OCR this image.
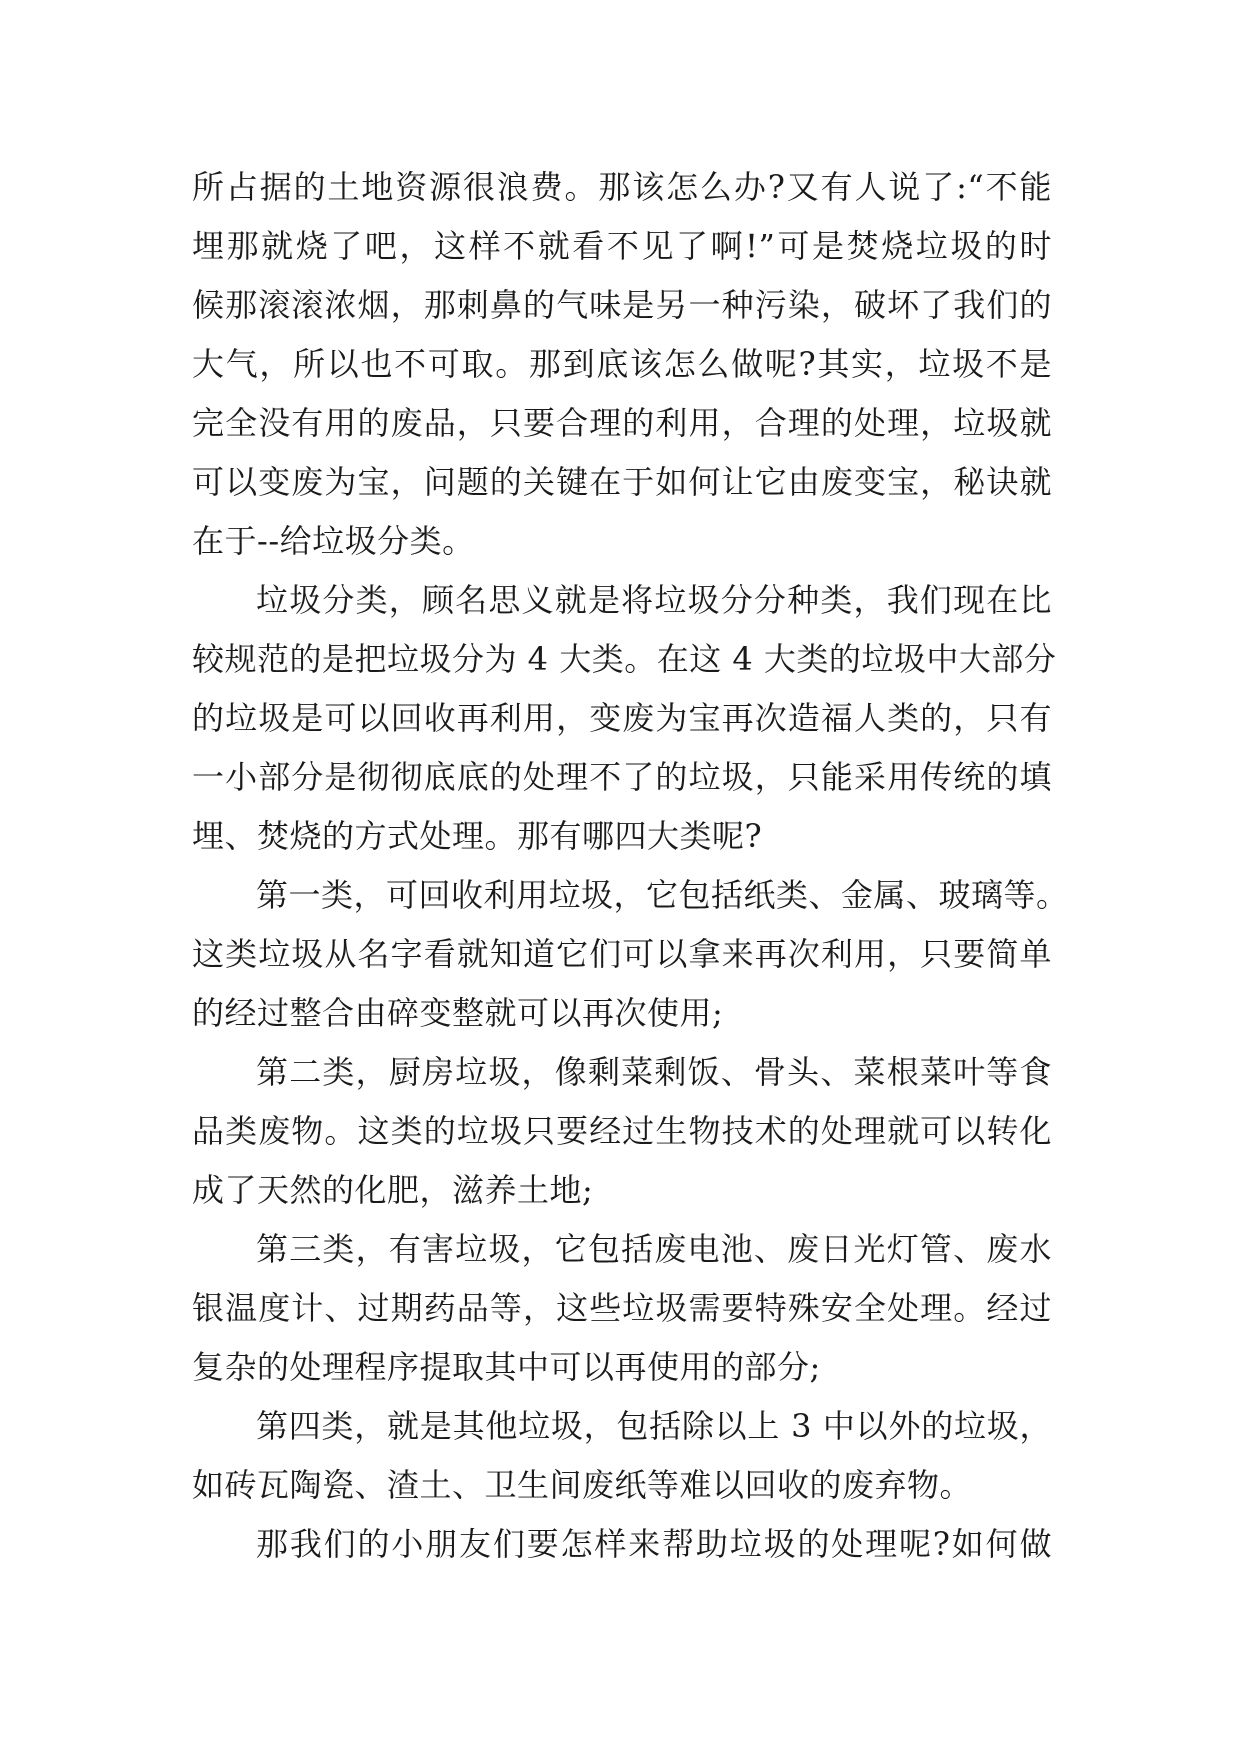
所占据的土地资源很浪费。那该怎么办?又有人说了:“不能
埋那就烧了吧，这样不就看不见了啊!”可是焚烧垃圾的时
候那滚滚浓烟，那刺鼻的气味是另一种污染，破坏了我们的
大气，所以也不可取。那到底该怎么做呢?其实，垃圾不是
完全没有用的废品，只要合理的利用，合理的处理，垃圾就
可以变废为宝，问题的关键在于如何让它由废变宝，秘诀就
在于--给垃圾分类。
垃圾分类，顾名思义就是将垃圾分分种类，我们现在比
较规范的是把垃圾分为 4 大类。在这 4 大类的垃圾中大部分
的垃圾是可以回收再利用，变废为宝再次造福人类的，只有
一小部分是彻彻底底的处理不了的垃圾，只能采用传统的填
埋、焚烧的方式处理。那有哪四大类呢?
第一类，可回收利用垃圾，它包括纸类、金属、玻璃等。
这类垃圾从名字看就知道它们可以拿来再次利用，只要简单
的经过整合由碎变整就可以再次使用;
第二类，厨房垃圾，像剩菜剩饭、骨头、菜根菜叶等食
品类废物。这类的垃圾只要经过生物技术的处理就可以转化
成了天然的化肥，滋养土地;
第三类，有害垃圾，它包括废电池、废日光灯管、废水
银温度计、过期药品等，这些垃圾需要特殊安全处理。经过
复杂的处理程序提取其中可以再使用的部分;
第四类，就是其他垃圾，包括除以上 3 中以外的垃圾，
如砖瓦陶瓷、渣土、卫生间废纸等难以回收的废弃物。
那我们的小朋友们要怎样来帮助垃圾的处理呢?如何做
